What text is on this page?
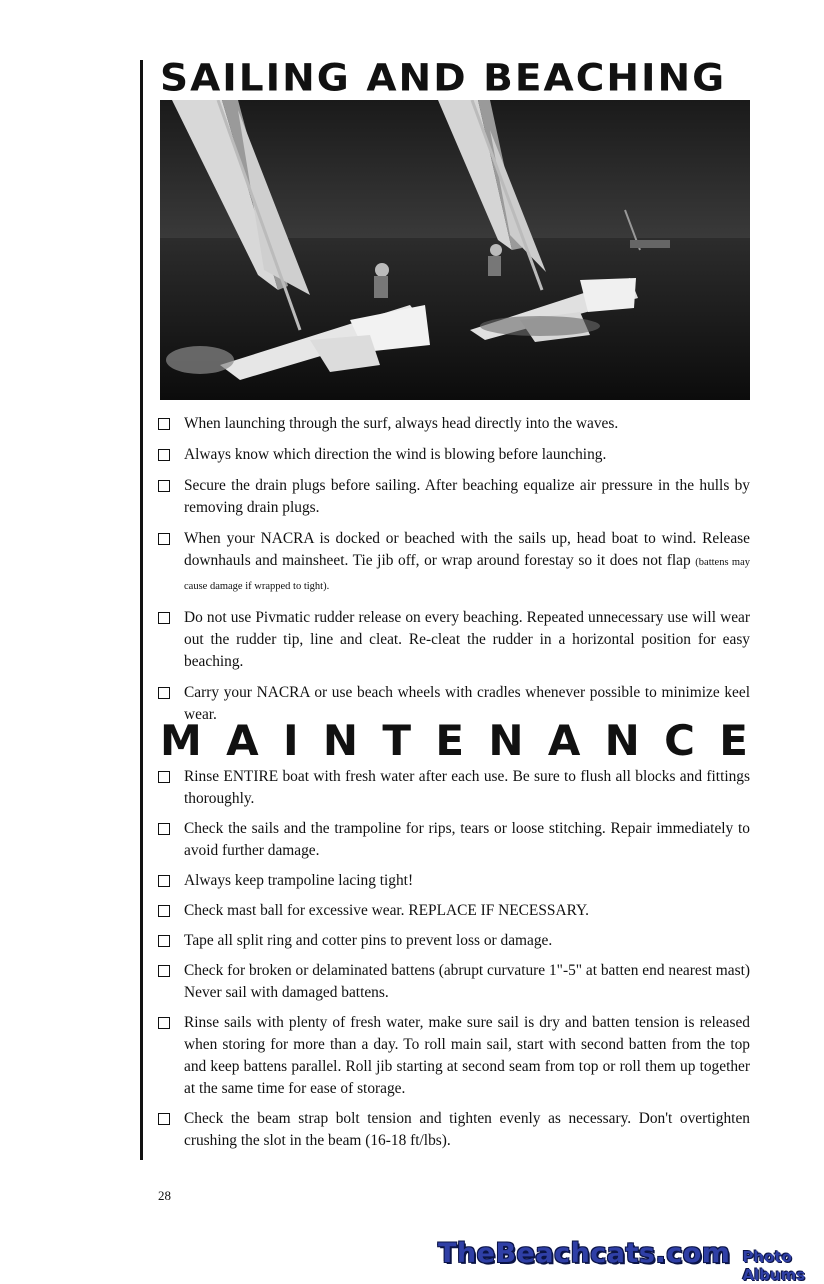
SAILING AND BEACHING
When launching through the surf, always head directly into the waves.
Always know which direction the wind is blowing before launching.
Secure the drain plugs before sailing. After beaching equalize air pressure in the hulls by removing drain plugs.
When your NACRA is docked or beached with the sails up, head boat to wind. Release downhauls and mainsheet. Tie jib off, or wrap around forestay so it does not flap (battens may cause damage if wrapped to tight).
Do not use Pivmatic rudder release on every beaching. Repeated unnecessary use will wear out the rudder tip, line and cleat. Re-cleat the rudder in a horizontal position for easy beaching.
Carry your NACRA or use beach wheels with cradles whenever possible to minimize keel wear.
M A I N T E N A N C E
Rinse ENTIRE boat with fresh water after each use. Be sure to flush all blocks and fittings thoroughly.
Check the sails and the trampoline for rips, tears or loose stitching. Repair immediately to avoid further damage.
Always keep trampoline lacing tight!
Check mast ball for excessive wear. REPLACE IF NECESSARY.
Tape all split ring and cotter pins to prevent loss or damage.
Check for broken or delaminated battens (abrupt curvature 1"-5" at batten end nearest mast) Never sail with damaged battens.
Rinse sails with plenty of fresh water, make sure sail is dry and batten tension is released when storing for more than a day. To roll main sail, start with second batten from the top and keep battens parallel. Roll jib starting at second seam from top or roll them up together at the same time for ease of storage.
Check the beam strap bolt tension and tighten evenly as necessary. Don't overtighten crushing the slot in the beam (16-18 ft/lbs).
28
TheBeachcats.com Photo Albums
